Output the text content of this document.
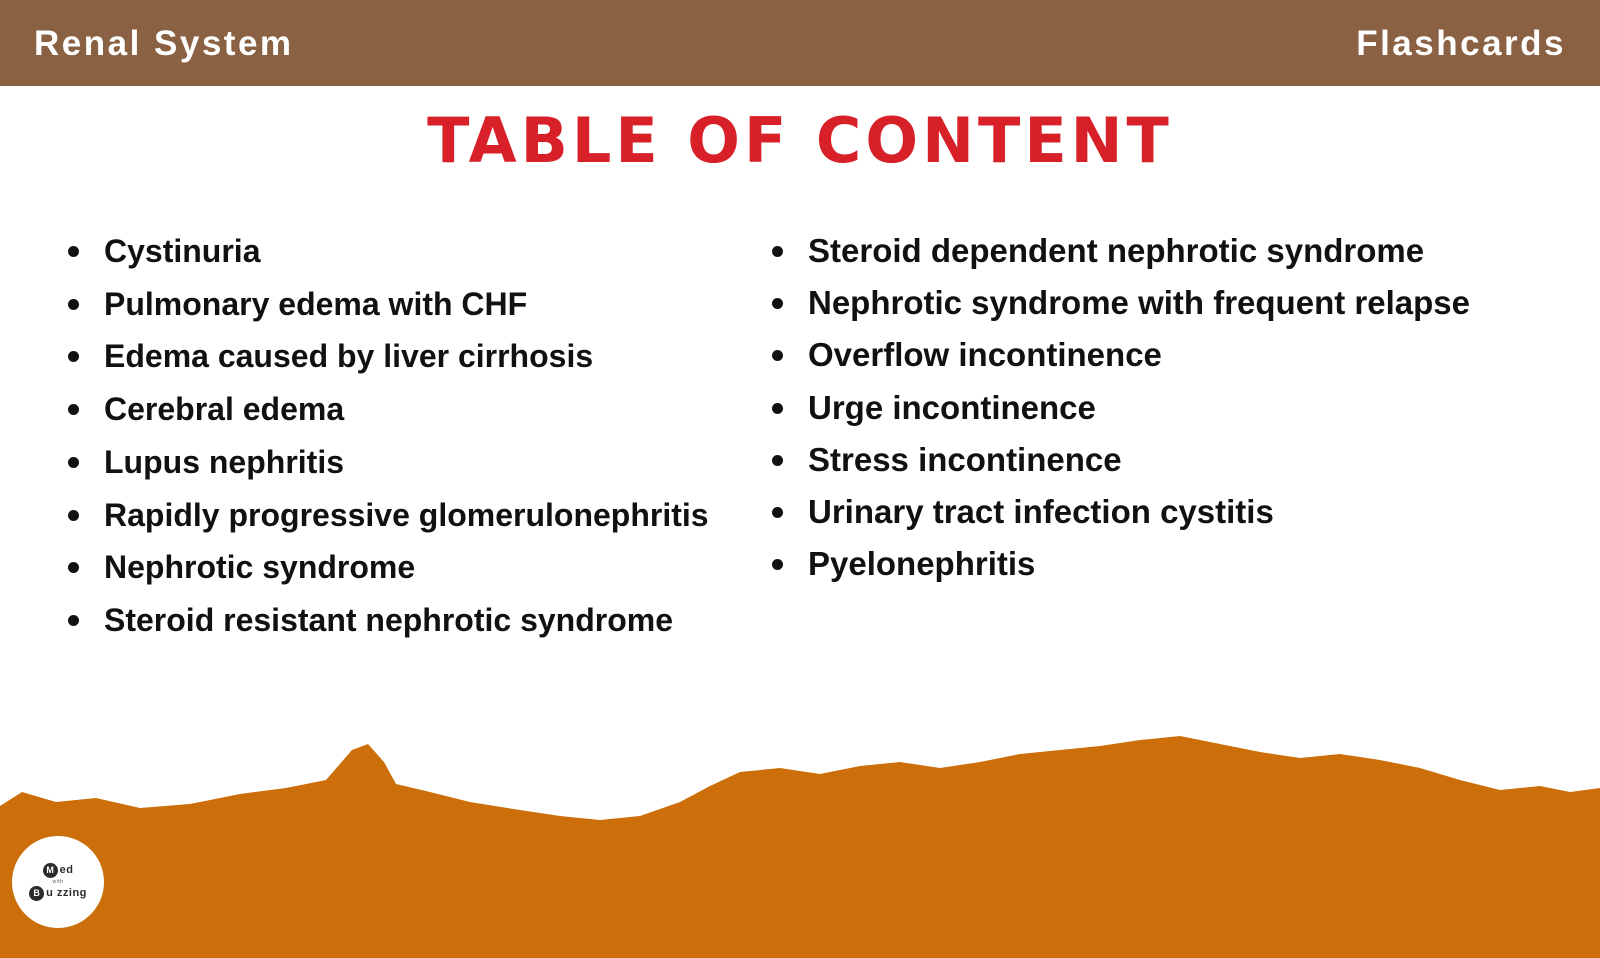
Renal System	Flashcards
TABLE OF CONTENT
Cystinuria
Pulmonary edema with CHF
Edema caused by liver cirrhosis
Cerebral edema
Lupus nephritis
Rapidly progressive glomerulonephritis
Nephrotic syndrome
Steroid resistant nephrotic syndrome
Steroid dependent nephrotic syndrome
Nephrotic syndrome with frequent relapse
Overflow incontinence
Urge incontinence
Stress incontinence
Urinary tract infection cystitis
Pyelonephritis
M ed
with
B u zzing
